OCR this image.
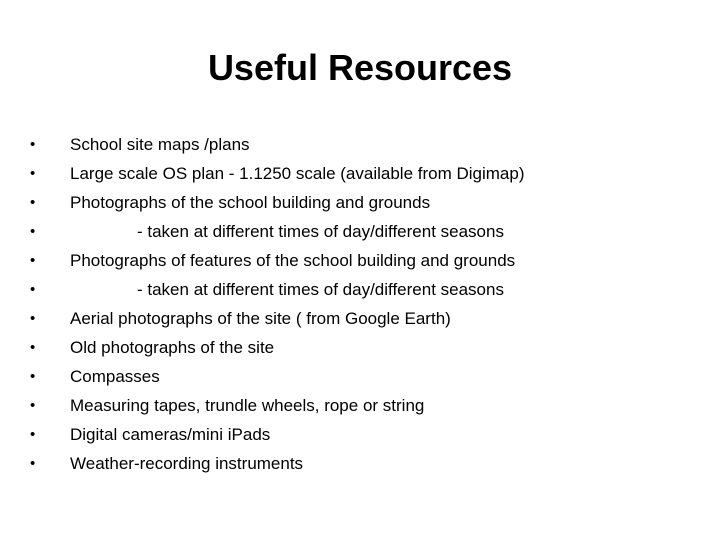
Useful Resources
•	School site maps /plans
•	Large scale OS plan - 1.1250 scale (available from Digimap)
•	Photographs of the school building and grounds
•	- taken at different times of day/different seasons
•	Photographs of features of the school building and grounds
•	- taken at different times of day/different seasons
•	Aerial photographs of the site ( from Google Earth)
•	Old photographs of the site
•	Compasses
•	Measuring tapes, trundle wheels, rope or string
•	Digital cameras/mini iPads
•	Weather-recording instruments
